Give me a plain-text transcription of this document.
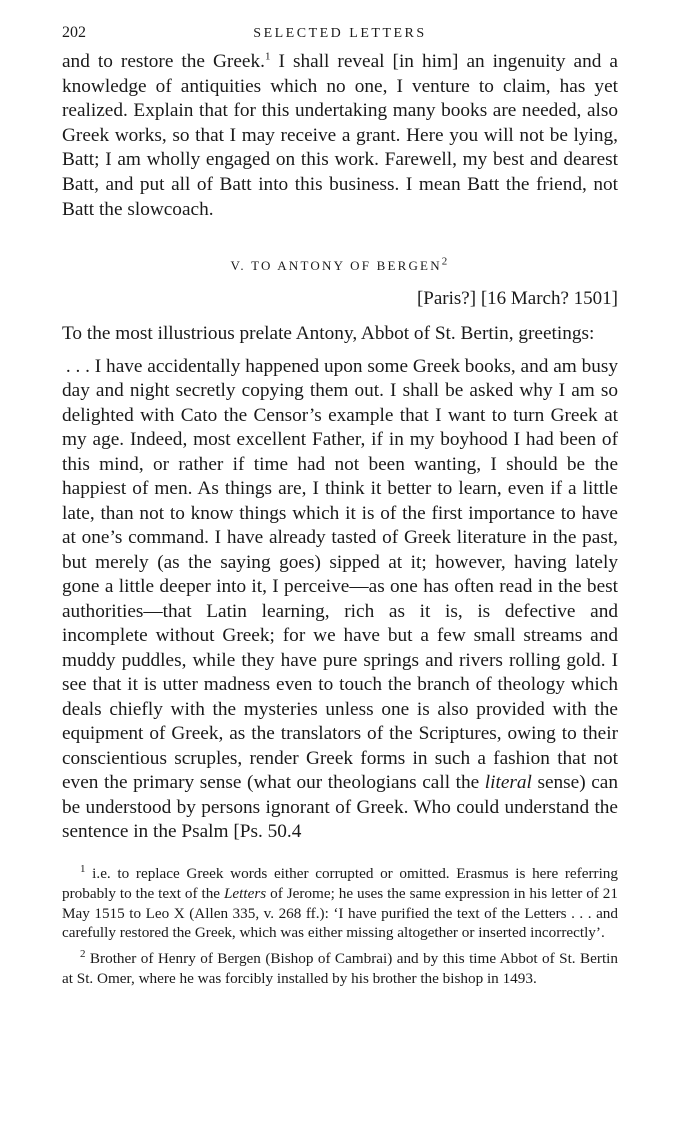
202	SELECTED LETTERS

and to restore the Greek.$^1$ I shall reveal [in him] an ingenuity and a knowledge of antiquities which no one, I venture to claim, has yet realized. Explain that for this undertaking many books are needed, also Greek works, so that I may receive a grant. Here you will not be lying, Batt; I am wholly engaged on this work. Farewell, my best and dearest Batt, and put all of Batt into this business. I mean Batt the friend, not Batt the slowcoach.

V. TO ANTONY OF BERGEN$^2$
[Paris?] [16 March? 1501]
To the most illustrious prelate Antony, Abbot of St. Bertin, greetings:

 . . . I have accidentally happened upon some Greek books, and am busy day and night secretly copying them out. I shall be asked why I am so delighted with Cato the Censor’s example that I want to turn Greek at my age. Indeed, most excellent Father, if in my boyhood I had been of this mind, or rather if time had not been wanting, I should be the happiest of men. As things are, I think it better to learn, even if a little late, than not to know things which it is of the first importance to have at one’s command. I have already tasted of Greek literature in the past, but merely (as the saying goes) sipped at it; however, having lately gone a little deeper into it, I perceive—as one has often read in the best authorities—that Latin learning, rich as it is, is defective and incomplete without Greek; for we have but a few small streams and muddy puddles, while they have pure springs and rivers rolling gold. I see that it is utter madness even to touch the branch of theology which deals chiefly with the mysteries unless one is also provided with the equipment of Greek, as the translators of the Scriptures, owing to their conscientious scruples, render Greek forms in such a fashion that not even the primary sense (what our theologians call the literal sense) can be understood by persons ignorant of Greek. Who could understand the sentence in the Psalm [Ps. 50.4

$^1$ i.e. to replace Greek words either corrupted or omitted. Erasmus is here referring probably to the text of the Letters of Jerome; he uses the same expression in his letter of 21 May 1515 to Leo X (Allen 335, v. 268 ff.): ‘I have purified the text of the Letters . . . and carefully restored the Greek, which was either missing altogether or inserted incorrectly’.

$^2$ Brother of Henry of Bergen (Bishop of Cambrai) and by this time Abbot of St. Bertin at St. Omer, where he was forcibly installed by his brother the bishop in 1493.
